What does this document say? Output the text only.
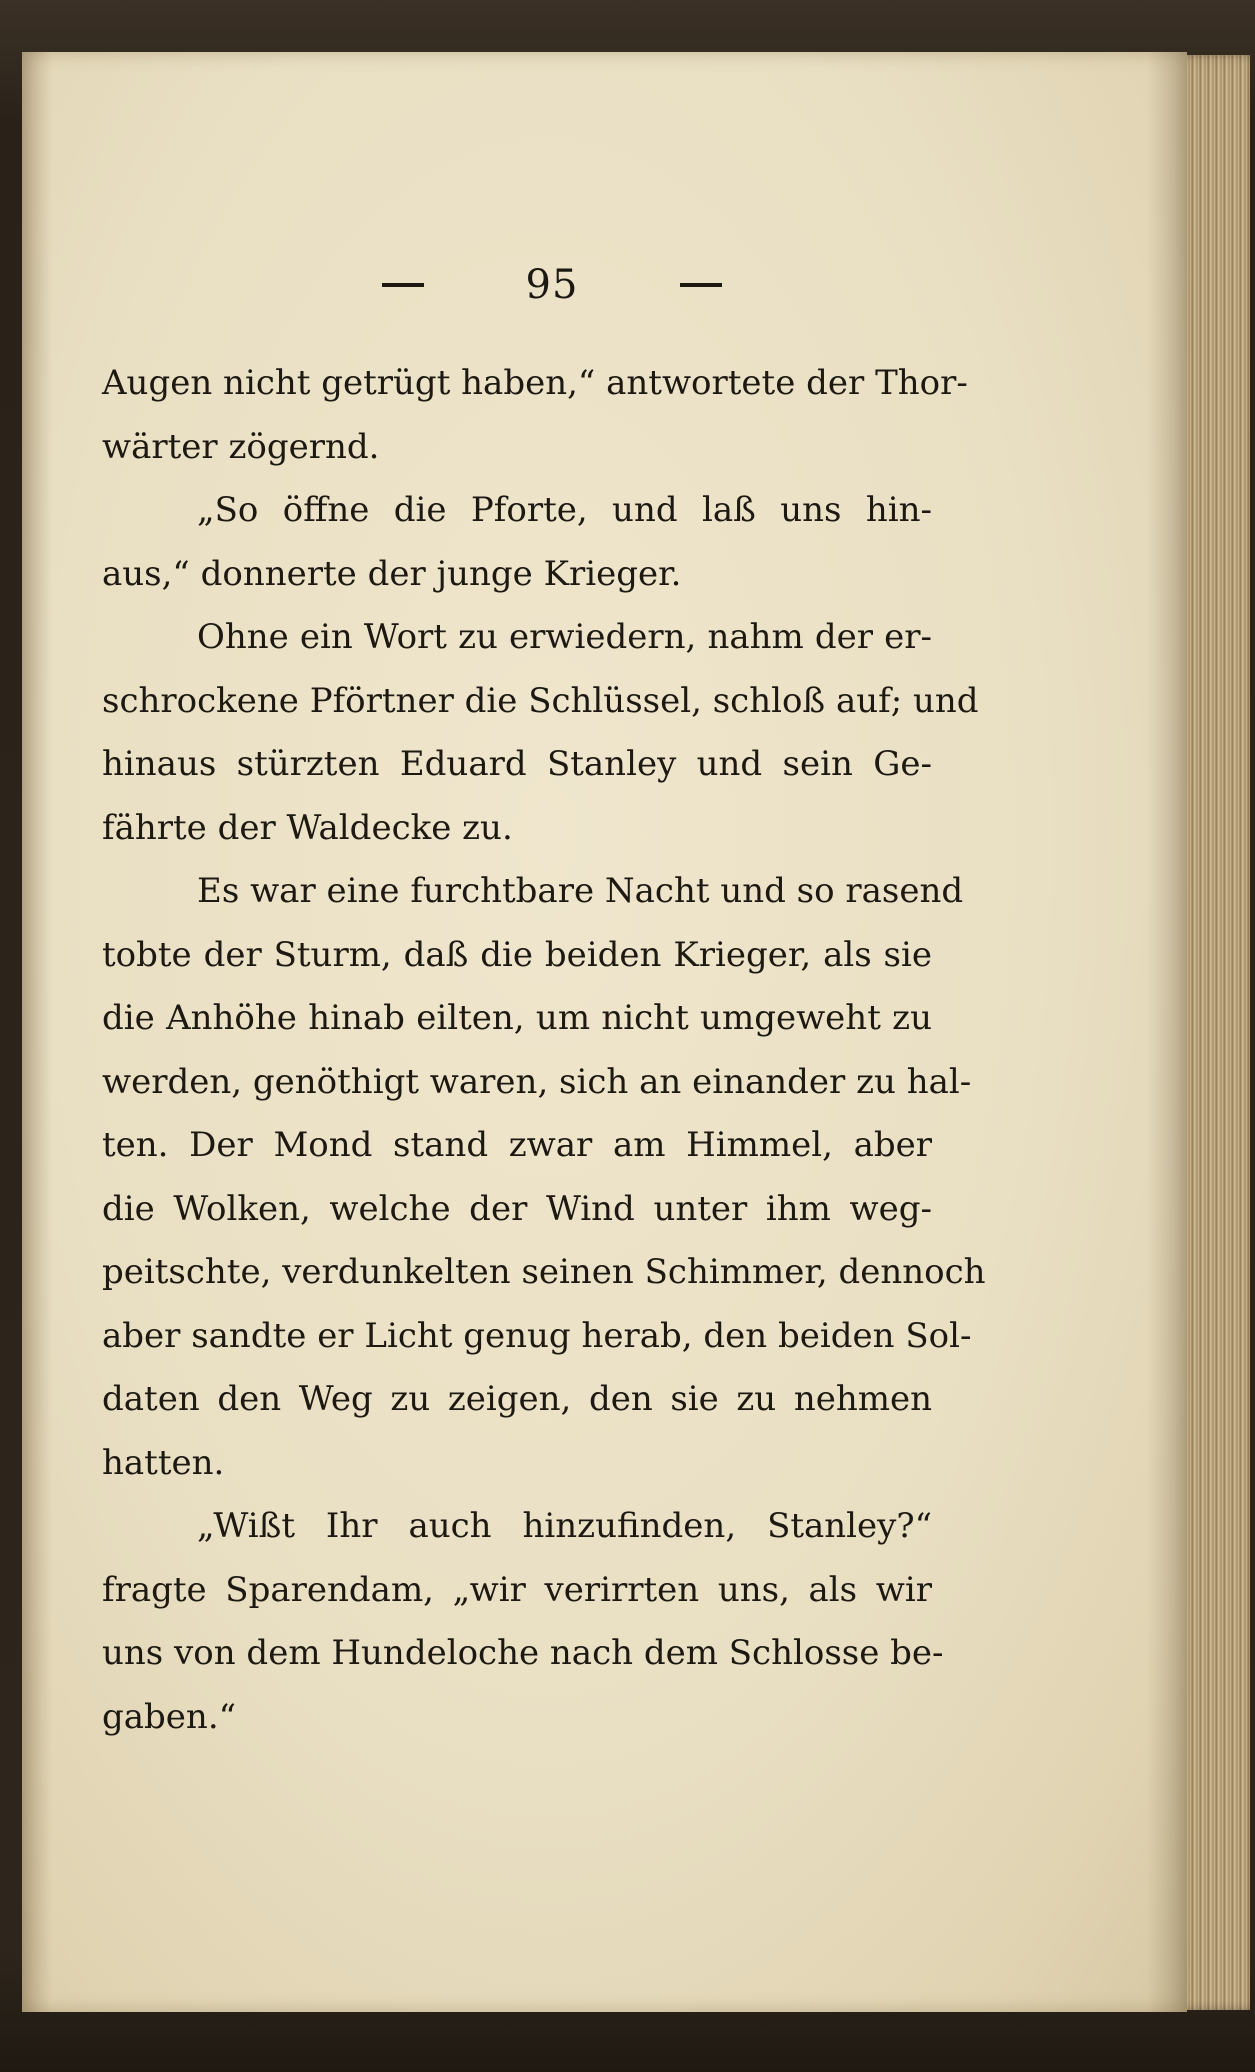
95
Augen nicht getrügt haben,“ antwortete der Thor-
wärter zögernd.
„So öffne die Pforte, und laß uns hin-
aus,“ donnerte der junge Krieger.
Ohne ein Wort zu erwiedern, nahm der er-
schrockene Pförtner die Schlüssel, schloß auf; und
hinaus stürzten Eduard Stanley und sein Ge-
fährte der Waldecke zu.
Es war eine furchtbare Nacht und so rasend
tobte der Sturm, daß die beiden Krieger, als sie
die Anhöhe hinab eilten, um nicht umgeweht zu
werden, genöthigt waren, sich an einander zu hal-
ten. Der Mond stand zwar am Himmel, aber
die Wolken, welche der Wind unter ihm weg-
peitschte, verdunkelten seinen Schimmer, dennoch
aber sandte er Licht genug herab, den beiden Sol-
daten den Weg zu zeigen, den sie zu nehmen
hatten.
„Wißt Ihr auch hinzufinden, Stanley?“
fragte Sparendam, „wir verirrten uns, als wir
uns von dem Hundeloche nach dem Schlosse be-
gaben.“
